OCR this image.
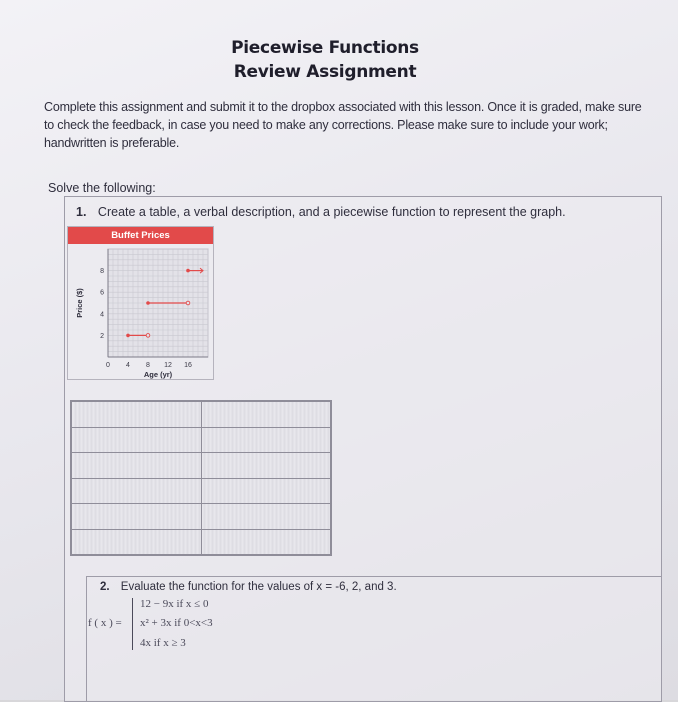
Piecewise Functions
Review Assignment
Complete this assignment and submit it to the dropbox associated with this lesson. Once it is graded, make sure to check the feedback, in case you need to make any corrections. Please make sure to include your work; handwritten is preferable.
Solve the following:
1. Create a table, a verbal description, and a piecewise function to represent the graph.
Buffet Prices
0 4 8 12 16
2
4
6
8
Age (yr)
Price ($)

2. Evaluate the function for the values of x = -6, 2, and 3.
f ( x ) =
12 − 9x if x ≤ 0
x² + 3x if 0<x<3
4x if x ≥ 3
